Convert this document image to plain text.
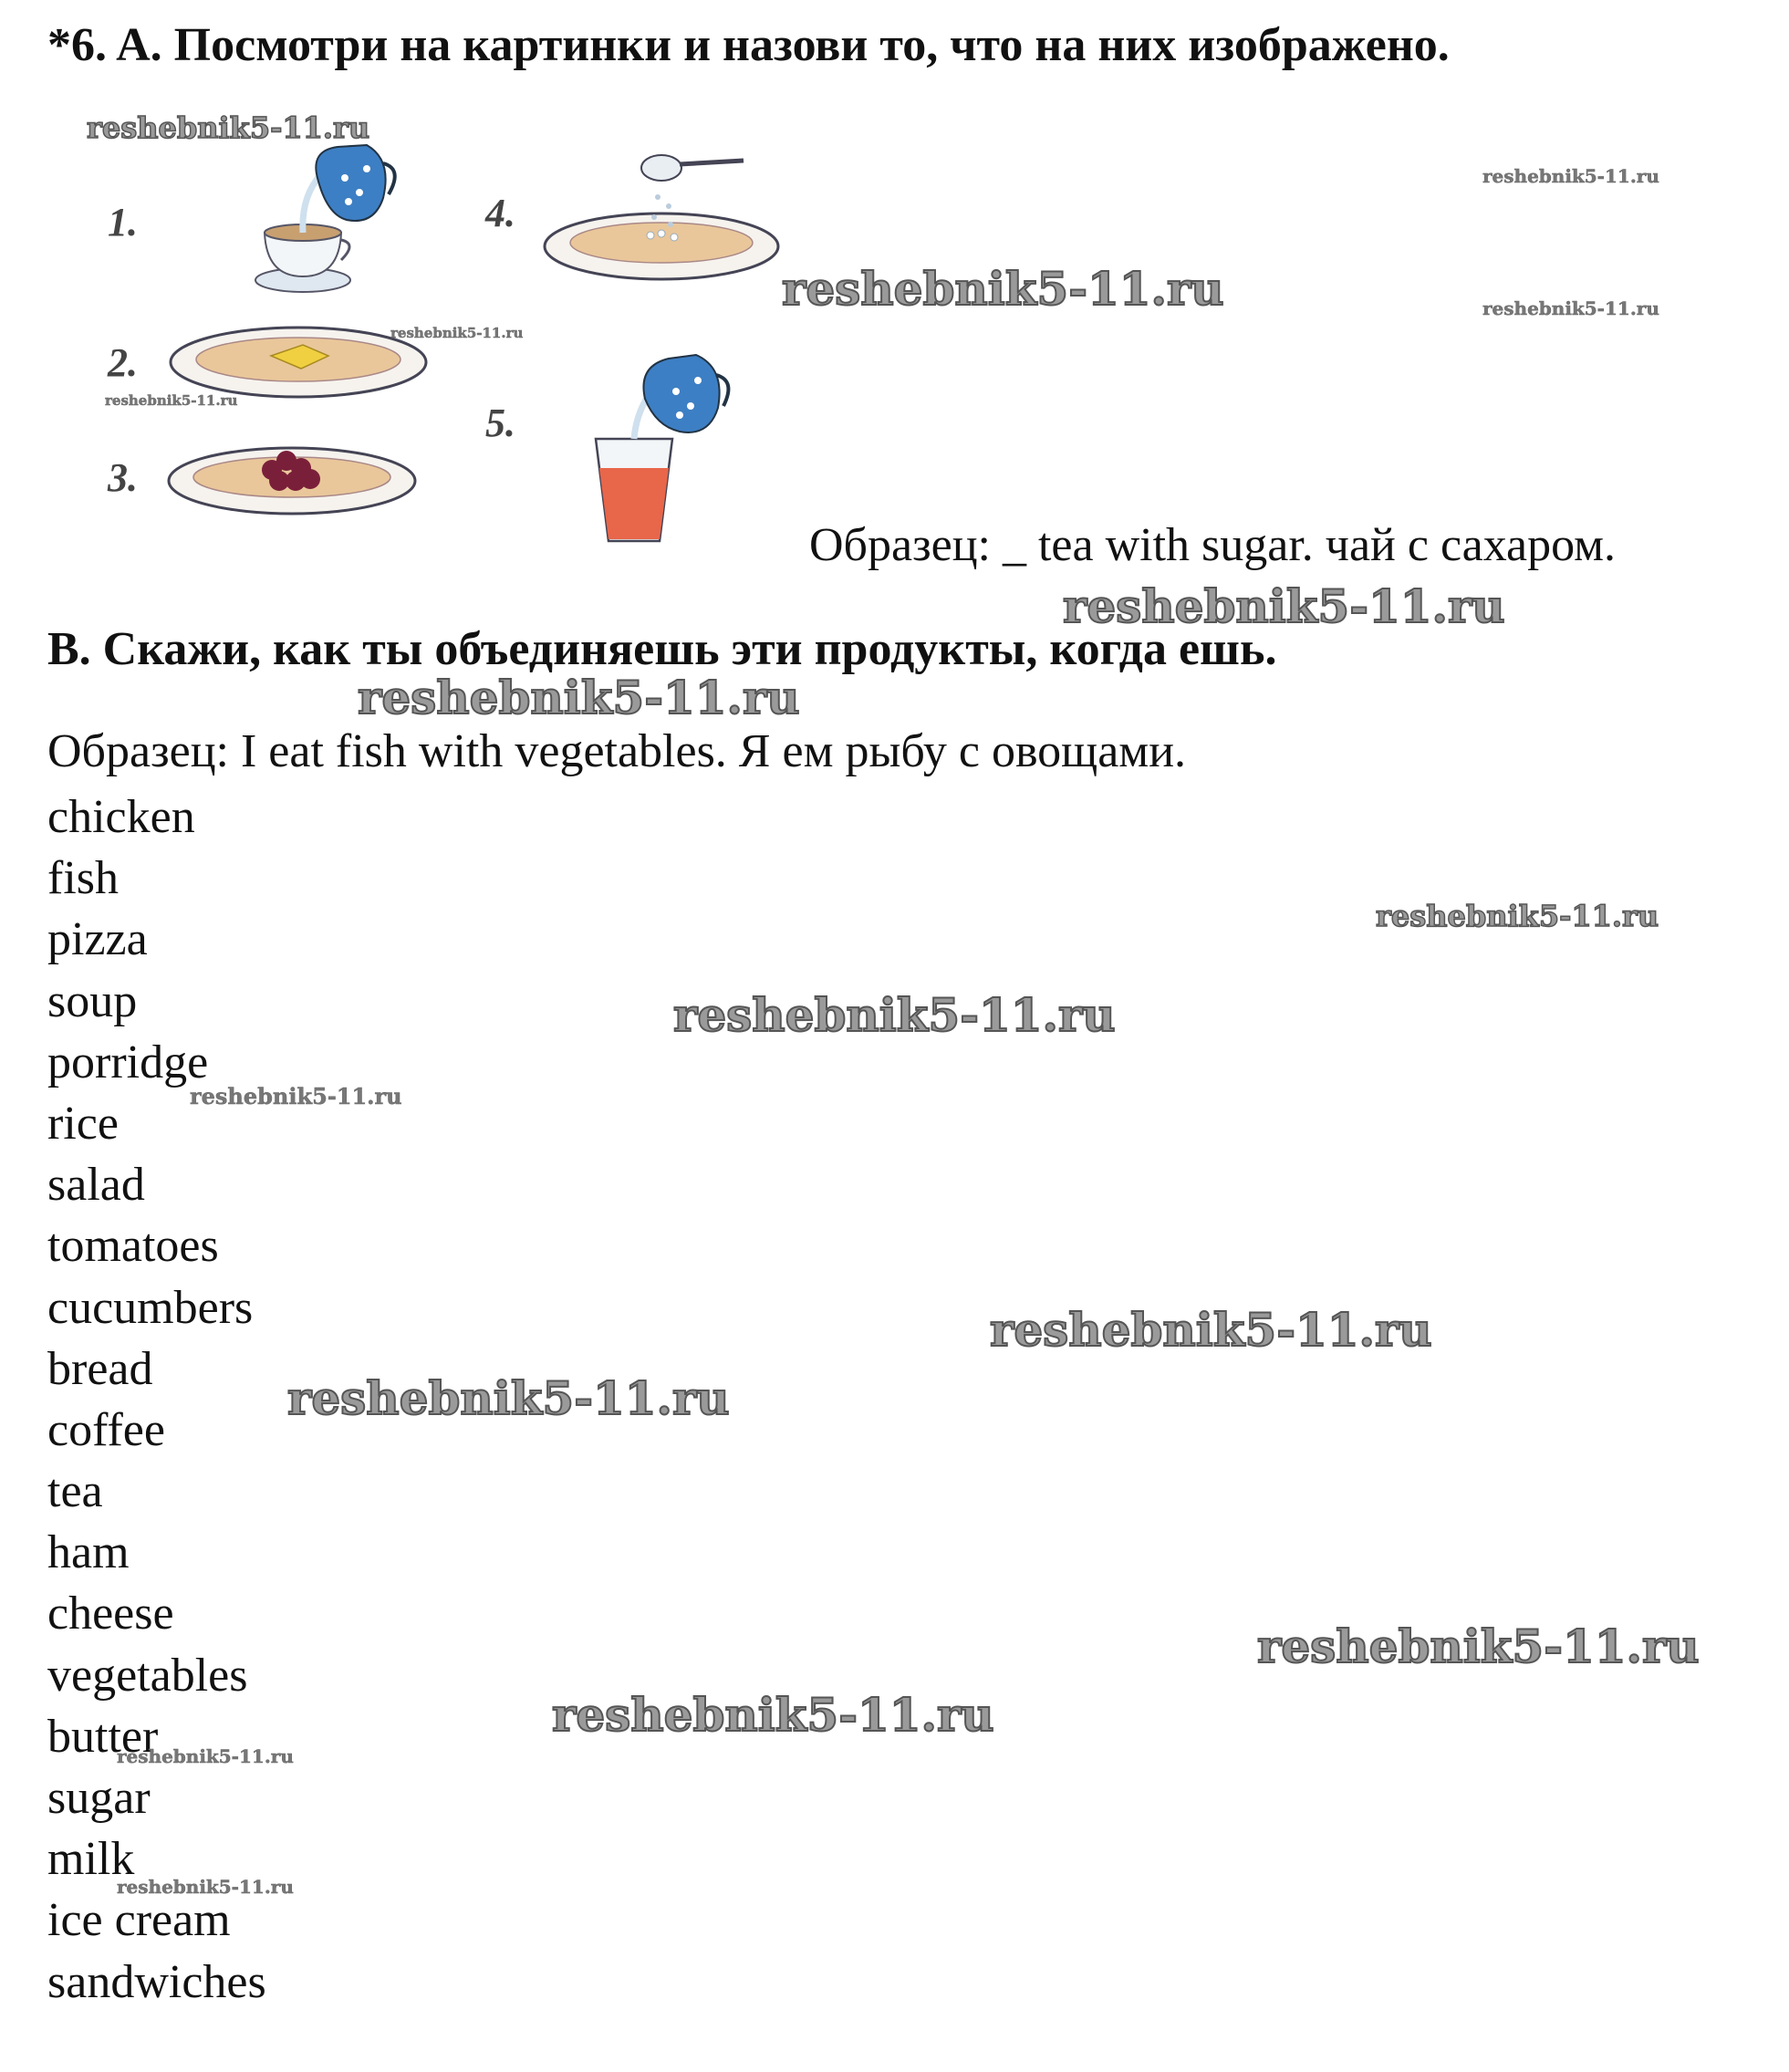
*6. A. Посмотри на картинки и назови то, что на них изображено.
1.
2.
3.
4.
5.
Образец: _ tea with sugar. чай с сахаром.
B. Скажи, как ты объединяешь эти продукты, когда ешь.
Образец: I eat fish with vegetables. Я ем рыбу с овощами.
chicken
fish
pizza
soup
porridge
rice
salad
tomatoes
cucumbers
bread
coffee
tea
ham
cheese
vegetables
butter
sugar
milk
ice cream
sandwiches
reshebnik5-11.ru
reshebnik5-11.ru
reshebnik5-11.ru	reshebnik5-11.ru
reshebnik5-11.ru
reshebnik5-11.ru
reshebnik5-11.ru
reshebnik5-11.ru
reshebnik5-11.ru
reshebnik5-11.ru
reshebnik5-11.ru
reshebnik5-11.ru
reshebnik5-11.ru
reshebnik5-11.ru
reshebnik5-11.ru
reshebnik5-11.ru
reshebnik5-11.ru
